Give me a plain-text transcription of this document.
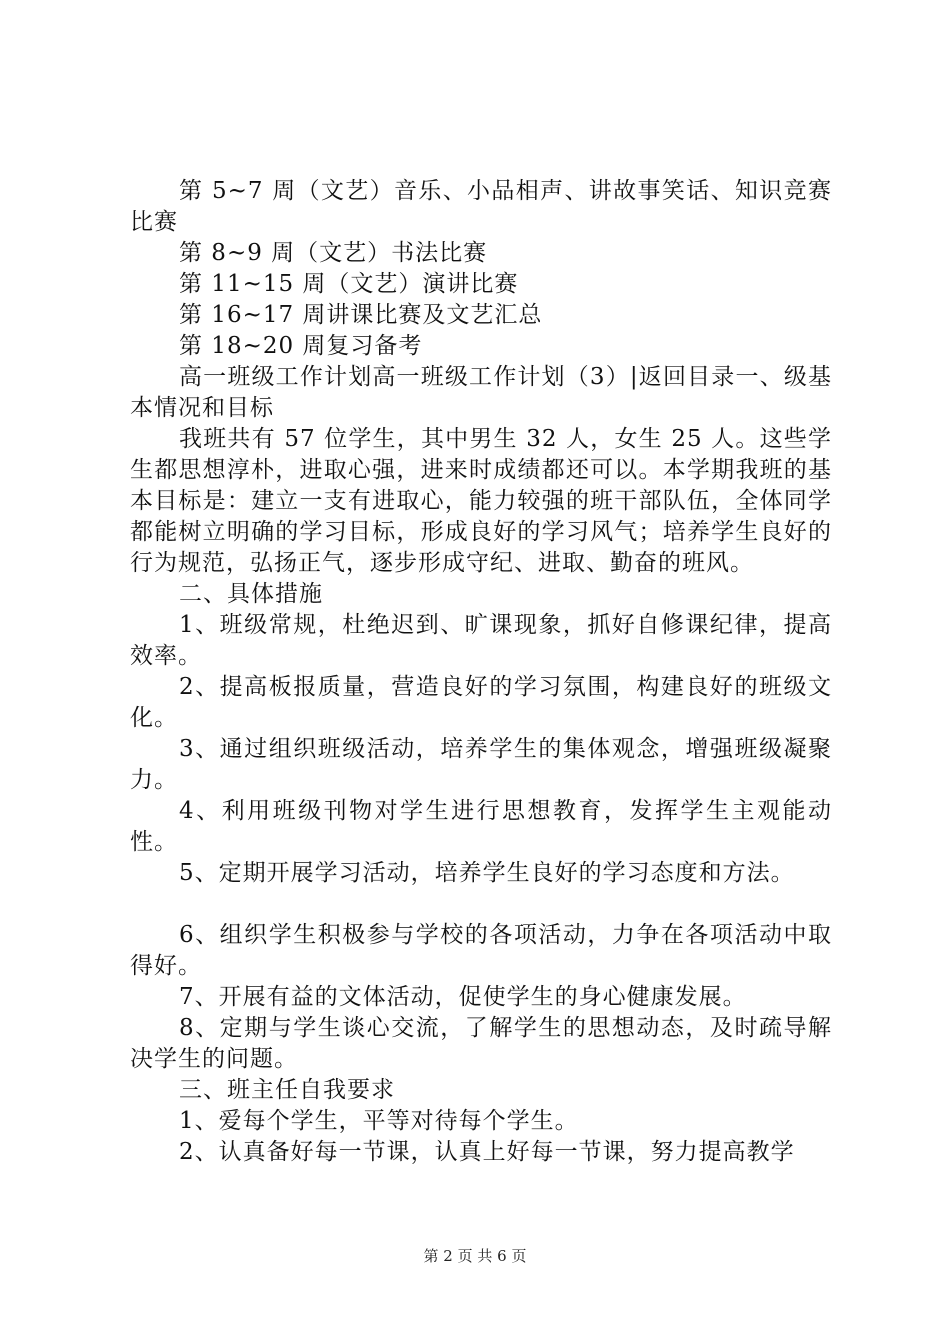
第 5~7 周（文艺）音乐、小品相声、讲故事笑话、知识竞赛比赛

第 8~9 周（文艺）书法比赛

第 11~15 周（文艺）演讲比赛

第 16~17 周讲课比赛及文艺汇总

第 18~20 周复习备考

高一班级工作计划高一班级工作计划（3）|返回目录一、级基本情况和目标

我班共有 57 位学生，其中男生 32 人，女生 25 人。这些学生都思想淳朴，进取心强，进来时成绩都还可以。本学期我班的基本目标是：建立一支有进取心，能力较强的班干部队伍，全体同学都能树立明确的学习目标，形成良好的学习风气；培养学生良好的行为规范，弘扬正气，逐步形成守纪、进取、勤奋的班风。

二、具体措施

1、班级常规，杜绝迟到、旷课现象，抓好自修课纪律，提高效率。

2、提高板报质量，营造良好的学习氛围，构建良好的班级文化。

3、通过组织班级活动，培养学生的集体观念，增强班级凝聚力。

4、利用班级刊物对学生进行思想教育，发挥学生主观能动性。

5、定期开展学习活动，培养学生良好的学习态度和方法。

6、组织学生积极参与学校的各项活动，力争在各项活动中取得好。

7、开展有益的文体活动，促使学生的身心健康发展。

8、定期与学生谈心交流，了解学生的思想动态，及时疏导解决学生的问题。

三、班主任自我要求

1、爱每个学生，平等对待每个学生。

2、认真备好每一节课，认真上好每一节课，努力提高教学

第 2 页 共 6 页
